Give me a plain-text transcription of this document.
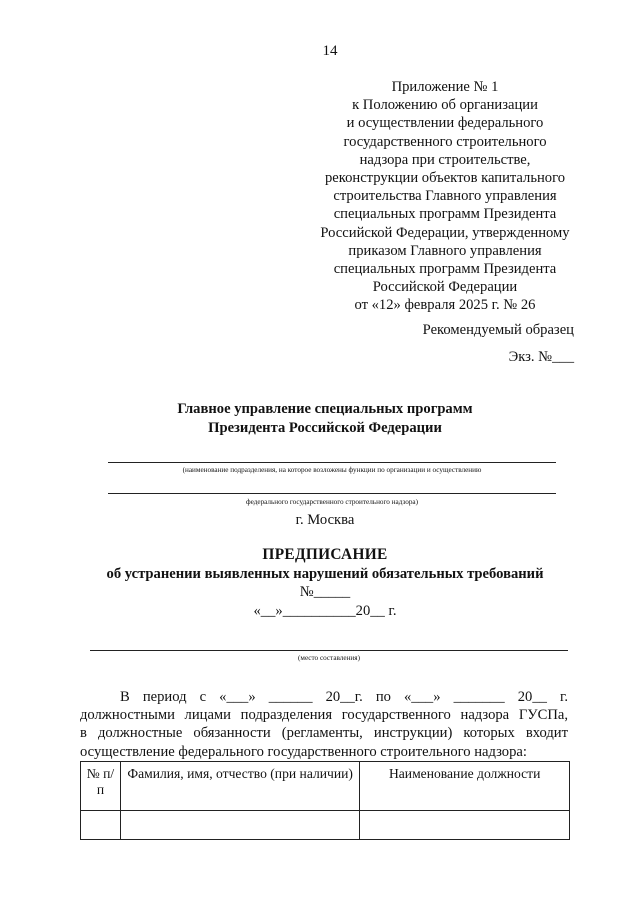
14
Приложение № 1
к Положению об организации
и осуществлении федерального
государственного строительного
надзора при строительстве,
реконструкции объектов капитального
строительства Главного управления
специальных программ Президента
Российской Федерации, утвержденному
приказом Главного управления
специальных программ Президента
Российской Федерации
от «12» февраля 2025 г. № 26
Рекомендуемый образец
Экз. №___
Главное управление специальных программ
Президента Российской Федерации
(наименование подразделения, на которое возложены функции по организации и осуществлению
федерального государственного строительного надзора)
г. Москва
ПРЕДПИСАНИЕ
об устранении выявленных нарушений обязательных требований
№_____
«__»__________20__ г.
(место составления)
В период с «___» ______ 20__г. по «___» _______ 20__ г.
должностными лицами подразделения государственного надзора ГУСПа,
в должностные обязанности (регламенты, инструкции) которых входит
осуществление федерального государственного строительного надзора:
№ п/п	Фамилия, имя, отчество (при наличии)	Наименование должности
